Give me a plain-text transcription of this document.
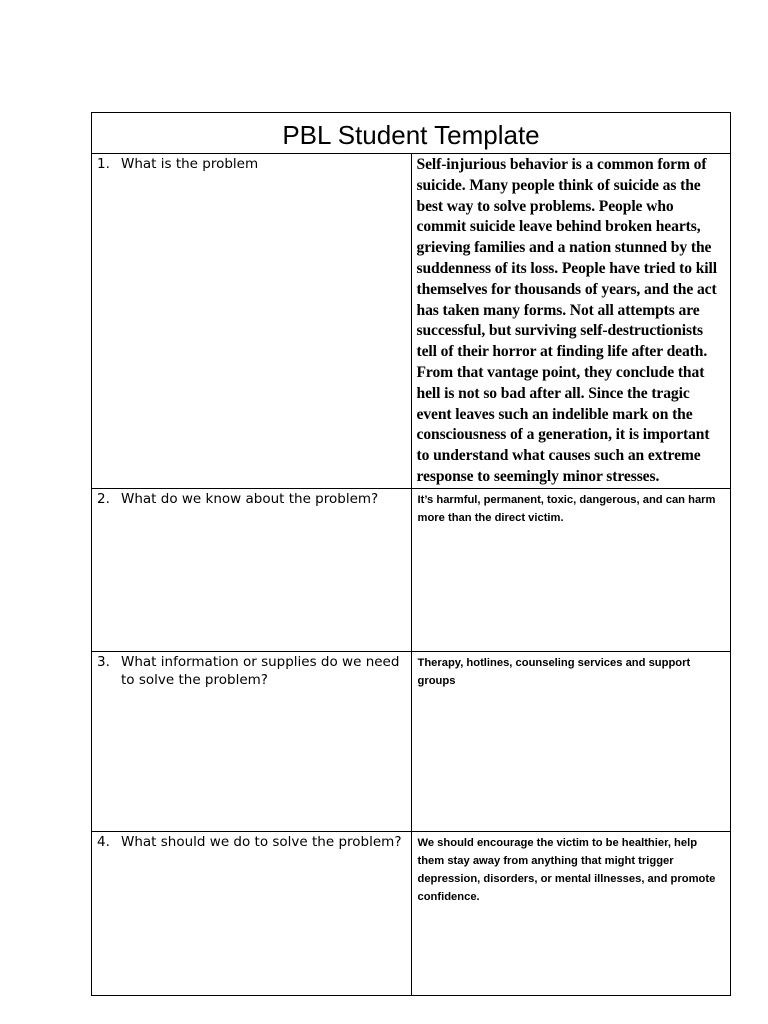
PBL Student Template	

1. What is the problem	Self-injurious behavior is a common form of suicide. Many people think of suicide as the best way to solve problems. People who commit suicide leave behind broken hearts, grieving families and a nation stunned by the suddenness of its loss. People have tried to kill themselves for thousands of years, and the act has taken many forms. Not all attempts are successful, but surviving self-destructionists tell of their horror at finding life after death. From that vantage point, they conclude that hell is not so bad after all. Since the tragic event leaves such an indelible mark on the consciousness of a generation, it is important to understand what causes such an extreme response to seemingly minor stresses.

2. What do we know about the problem?	It’s harmful, permanent, toxic, dangerous, and can harm more than the direct victim.

3. What information or supplies do we need to solve the problem?	Therapy, hotlines, counseling services and support groups

4. What should we do to solve the problem?	We should encourage the victim to be healthier, help them stay away from anything that might trigger depression, disorders, or mental illnesses, and promote confidence.
